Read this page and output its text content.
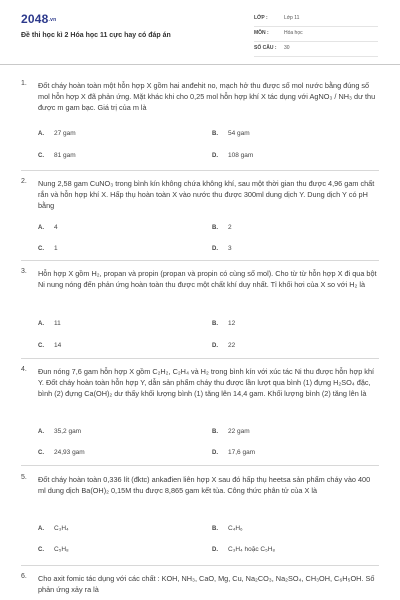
2048.vn
Đề thi học kì 2 Hóa học 11 cực hay có đáp án
LỚP :	Lớp 11
MÔN :	Hóa học
SỐ CÂU : 30
1. Đốt cháy hoàn toàn một hỗn hợp X gồm hai anđehit no, mạch hở thu được số mol nước bằng đúng số mol hỗn hợp X đã phản ứng. Mặt khác khi cho 0,25 mol hỗn hợp khí X tác dụng với AgNO₃ / NH₃ dư thu được m gam bạc. Giá trị của m là
A. 27 gam	B. 54 gam
C. 81 gam	D. 108 gam
2. Nung 2,58 gam CuNO₃ trong bình kín không chứa không khí, sau một thời gian thu được 4,96 gam chất rắn và hỗn hợp khí X. Hấp thụ hoàn toàn X vào nước thu được 300ml dung dịch Y. Dung dịch Y có pH bằng
A. 4	B. 2
C. 1	D. 3
3. Hỗn hợp X gồm H₂, propan và propin (propan và propin có cùng số mol). Cho từ từ hỗn hợp X đi qua bột Ni nung nóng đến phản ứng hoàn toàn thu được một chất khí duy nhất. Tỉ khối hơi của X so với H₂ là
A. 11	B. 12
C. 14	D. 22
4. Đun nóng 7,6 gam hỗn hợp X gồm C₂H₂, C₂H₄ và H₂ trong bình kín với xúc tác Ni thu được hỗn hợp khí Y. Đốt cháy hoàn toàn hỗn hợp Y, dẫn sản phẩm cháy thu được lần lượt qua bình (1) đựng H₂SO₄ đặc, bình (2) đựng Ca(OH)₂ dư thấy khối lượng bình (1) tăng lên 14,4 gam. Khối lượng bình (2) tăng lên là
A. 35,2 gam	B. 22 gam
C. 24,93 gam	D. 17,6 gam
5. Đốt cháy hoàn toàn 0,336 lít (đktc) ankađien liên hợp X sau đó hấp thụ heetsa sản phẩm cháy vào 400 ml dung dịch Ba(OH)₂ 0,15M thu được 8,865 gam kết tủa. Công thức phân tử của X là
A. C₃H₄	B. C₄H₆
C. C₅H₈	D. C₃H₄ hoặc C₅H₈
6. Cho axit fomic tác dụng với các chất : KOH, NH₃, CaO, Mg, Cu, Na₂CO₃, Na₂SO₄, CH₃OH, C₆H₅OH. Số phản ứng xảy ra là
